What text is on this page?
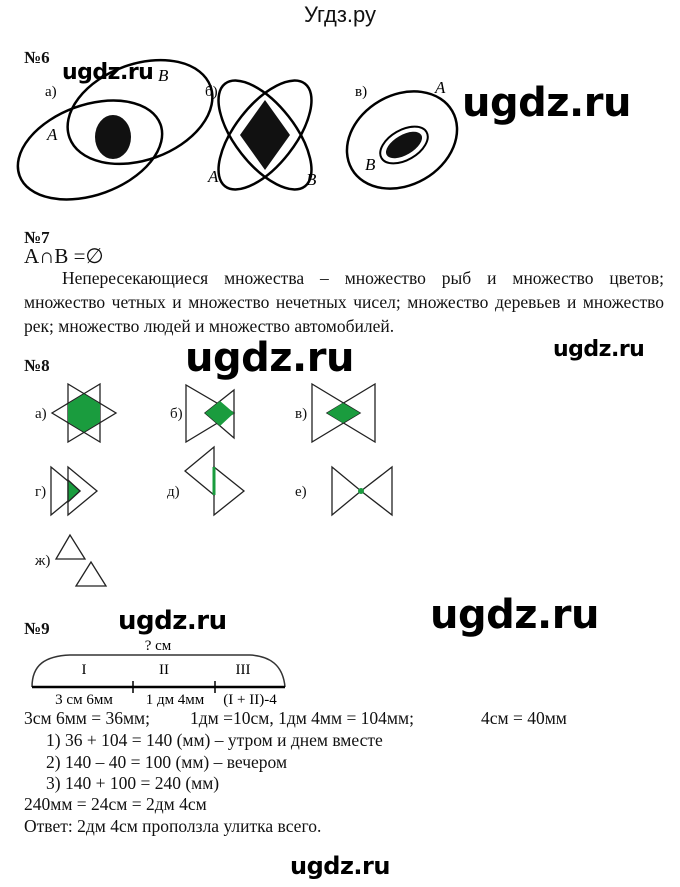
Угдз.ру
№6
ugdz.ru
ugdz.ru
а)
A
B
б)
A	B
в)	A
B
№7
A∩B =∅
Непересекающиеся множества – множество рыб и множество цветов; множество четных и множество нечетных чисел; множество деревьев и множество рек; множество людей и множество автомобилей.
№8	ugdz.ru	ugdz.ru
а)	б)	в)
г)	д)	е)
ж)
№9	ugdz.ru	ugdz.ru
? см
I	II	III
3 см 6мм 1 дм 4мм (I + II)-4
3см 6мм = 36мм; 1дм =10см, 1дм 4мм = 104мм;	4см = 40мм
1) 36 + 104 = 140 (мм) – утром и днем вместе
2) 140 – 40 = 100 (мм) – вечером
3) 140 + 100 = 240 (мм)
240мм = 24см = 2дм 4см
Ответ: 2дм 4см проползла улитка всего.
ugdz.ru
